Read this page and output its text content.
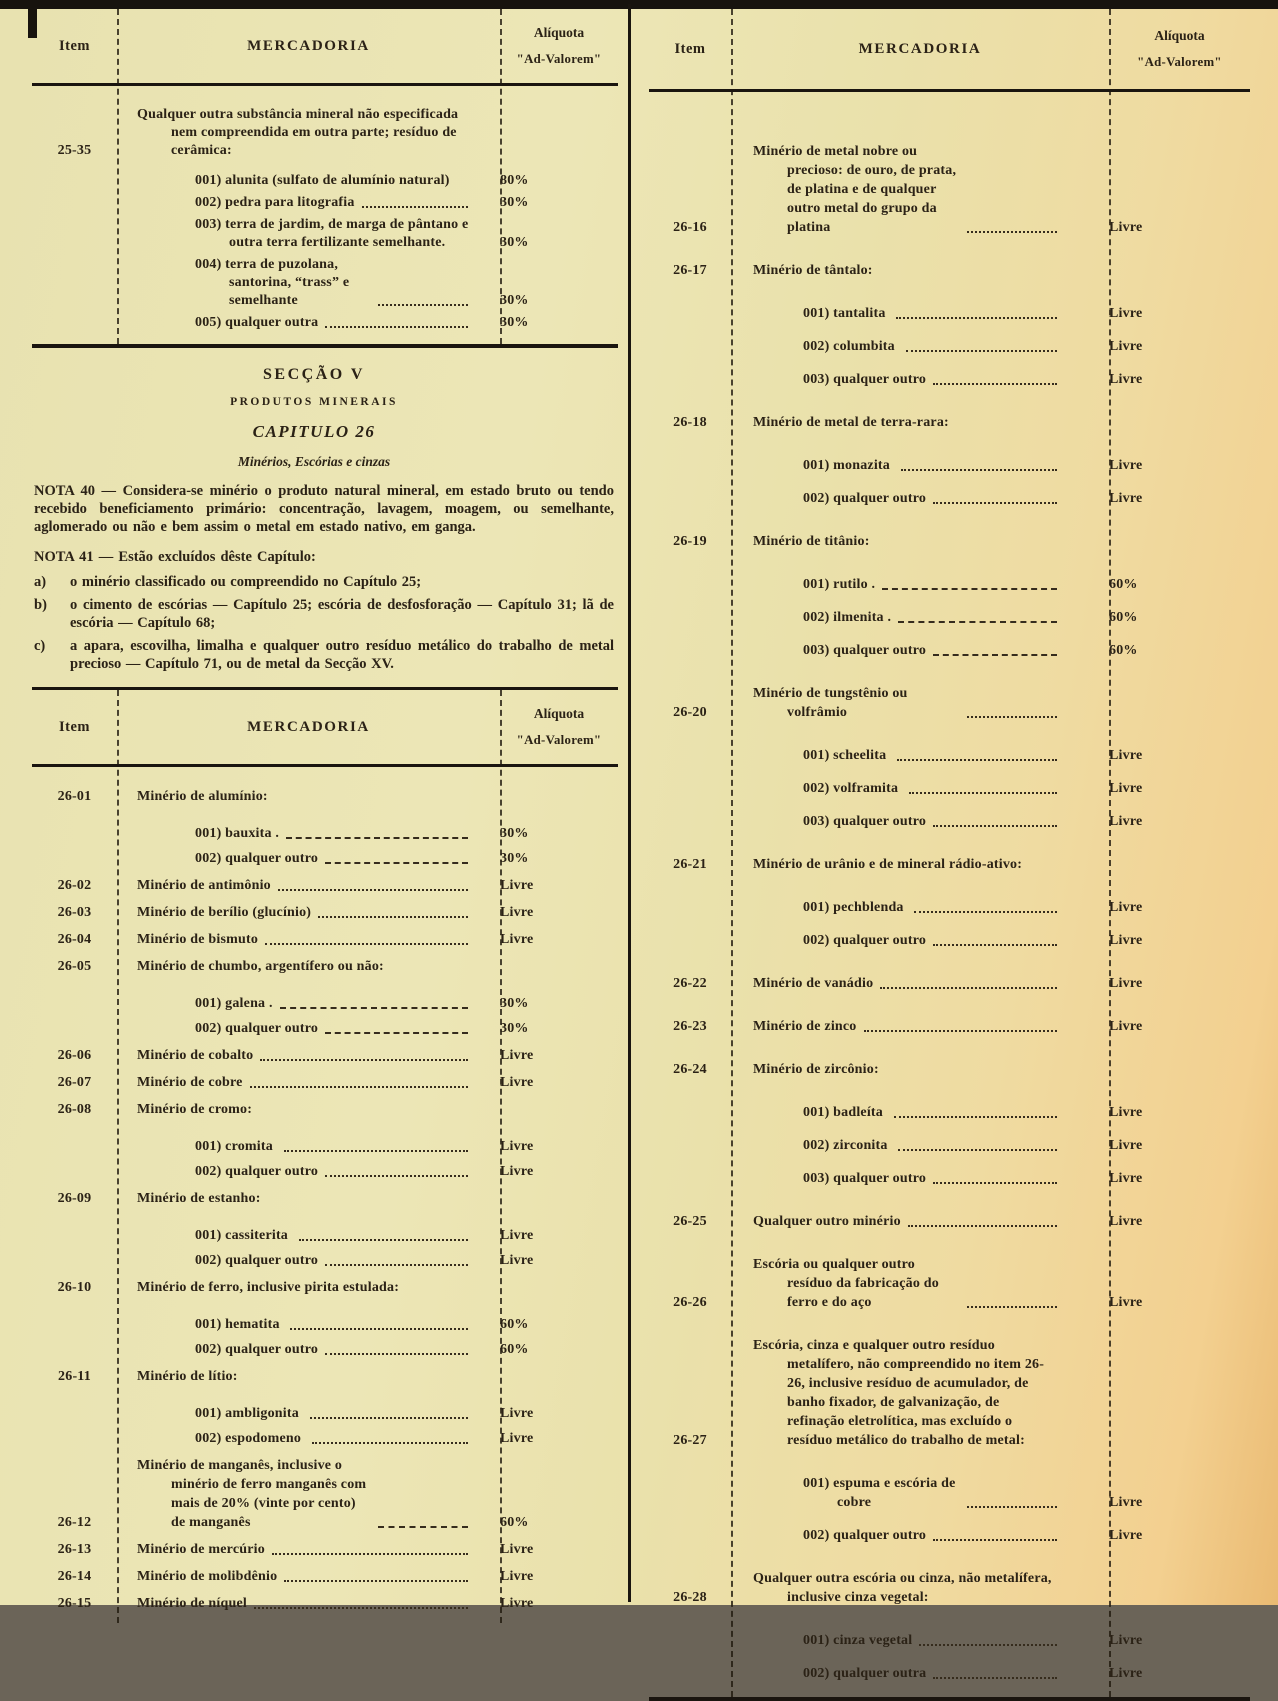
Item	MERCADORIA
Alíquota
"Ad-Valorem"
25-35
Qualquer outra substância mineral não especificada nem compreendida em outra parte; resíduo de cerâmica:
001) alunita (sulfato de alumínio natural)	80%
002) pedra para litografia	30%
003) terra de jardim, de marga de pântano e outra terra fertilizante semelhante.	30%
004) terra de puzolana, santorina, “trass” e semelhante	30%
005) qualquer outra	30%
SECÇÃO V
PRODUTOS MINERAIS
CAPITULO 26
Minérios, Escórias e cinzas
NOTA 40 — Considera-se minério o produto natural mineral, em estado bruto ou tendo recebido beneficiamento primário: concentração, lavagem, moagem, ou semelhante, aglomerado ou não e bem assim o metal em estado nativo, em ganga.
NOTA 41 — Estão excluídos dêste Capítulo:
a)	o minério classificado ou compreendido no Capítulo 25;
b)	o cimento de escórias — Capítulo 25; escória de desfosforação — Capítulo 31; lã de escória — Capítulo 68;
c)	a apara, escovilha, limalha e qualquer outro resíduo metálico do trabalho de metal precioso — Capítulo 71, ou de metal da Secção XV.
Item	MERCADORIA
Alíquota
"Ad-Valorem"
26-01	Minério de alumínio:
001) bauxita .	30%
002) qualquer outro	30%
26-02	Minério de antimônio	Livre
26-03	Minério de berílio (glucínio)	Livre
26-04	Minério de bismuto	Livre
26-05	Minério de chumbo, argentífero ou não:
001) galena .	30%
002) qualquer outro	30%
26-06	Minério de cobalto	Livre
26-07	Minério de cobre	Livre
26-08	Minério de cromo:
001) cromita	Livre
002) qualquer outro	Livre
26-09	Minério de estanho:
001) cassiterita	Livre
002) qualquer outro	Livre
26-10	Minério de ferro, inclusive pirita estulada:
001) hematita	60%
002) qualquer outro	60%
26-11	Minério de lítio:
001) ambligonita	Livre
002) espodomeno	Livre
26-12
Minério de manganês, inclusive o minério de ferro manganês com mais de 20% (vinte por cento) de manganês	60%
26-13	Minério de mercúrio	Livre
26-14	Minério de molibdênio	Livre
26-15	Minério de níquel	Livre
Item	MERCADORIA
Alíquota
"Ad-Valorem"
26-16
Minério de metal nobre ou precioso: de ouro, de prata, de platina e de qualquer outro metal do grupo da platina	Livre
26-17	Minério de tântalo:
001) tantalita	Livre
002) columbita	Livre
003) qualquer outro	Livre
26-18	Minério de metal de terra-rara:
001) monazita	Livre
002) qualquer outro	Livre
26-19	Minério de titânio:
001) rutilo .	60%
002) ilmenita .	60%
003) qualquer outro	60%
26-20
Minério de tungstênio ou volfrâmio
001) scheelita	Livre
002) volframita	Livre
003) qualquer outro	Livre
26-21	Minério de urânio e de mineral rádio-ativo:
001) pechblenda	Livre
002) qualquer outro	Livre
26-22	Minério de vanádio	Livre
26-23	Minério de zinco	Livre
26-24	Minério de zircônio:
001) badleíta	Livre
002) zirconita	Livre
003) qualquer outro	Livre
26-25	Qualquer outro minério	Livre
26-26
Escória ou qualquer outro resíduo da fabricação do ferro e do aço	Livre
26-27
Escória, cinza e qualquer outro resíduo metalífero, não compreendido no item 26-26, inclusive resíduo de acumulador, de banho fixador, de galvanização, de refinação eletrolítica, mas excluído o resíduo metálico do trabalho de metal:
001) espuma e escória de cobre	Livre
002) qualquer outro	Livre
26-28
Qualquer outra escória ou cinza, não metalífera, inclusive cinza vegetal:
001) cinza vegetal	Livre
002) qualquer outra	Livre
